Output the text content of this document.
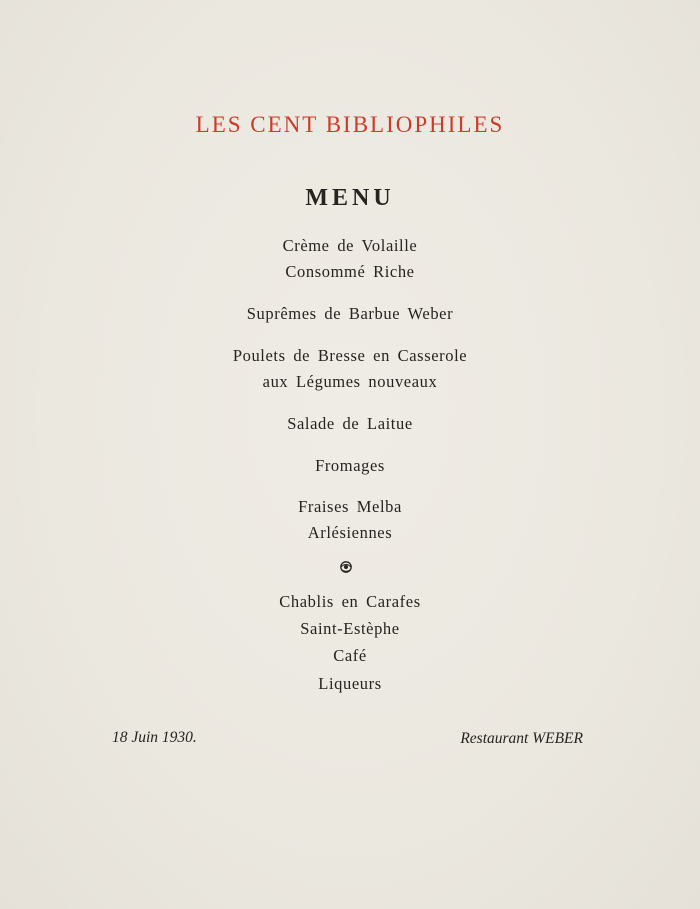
LES CENT BIBLIOPHILES
MENU
Crème de Volaille
Consommé Riche
Suprêmes de Barbue Weber
Poulets de Bresse en Casserole
aux Légumes nouveaux
Salade de Laitue
Fromages
Fraises Melba
Arlésiennes
Chablis en Carafes
Saint-Estèphe
Café
Liqueurs
18 Juin 1930.	Restaurant WEBER
